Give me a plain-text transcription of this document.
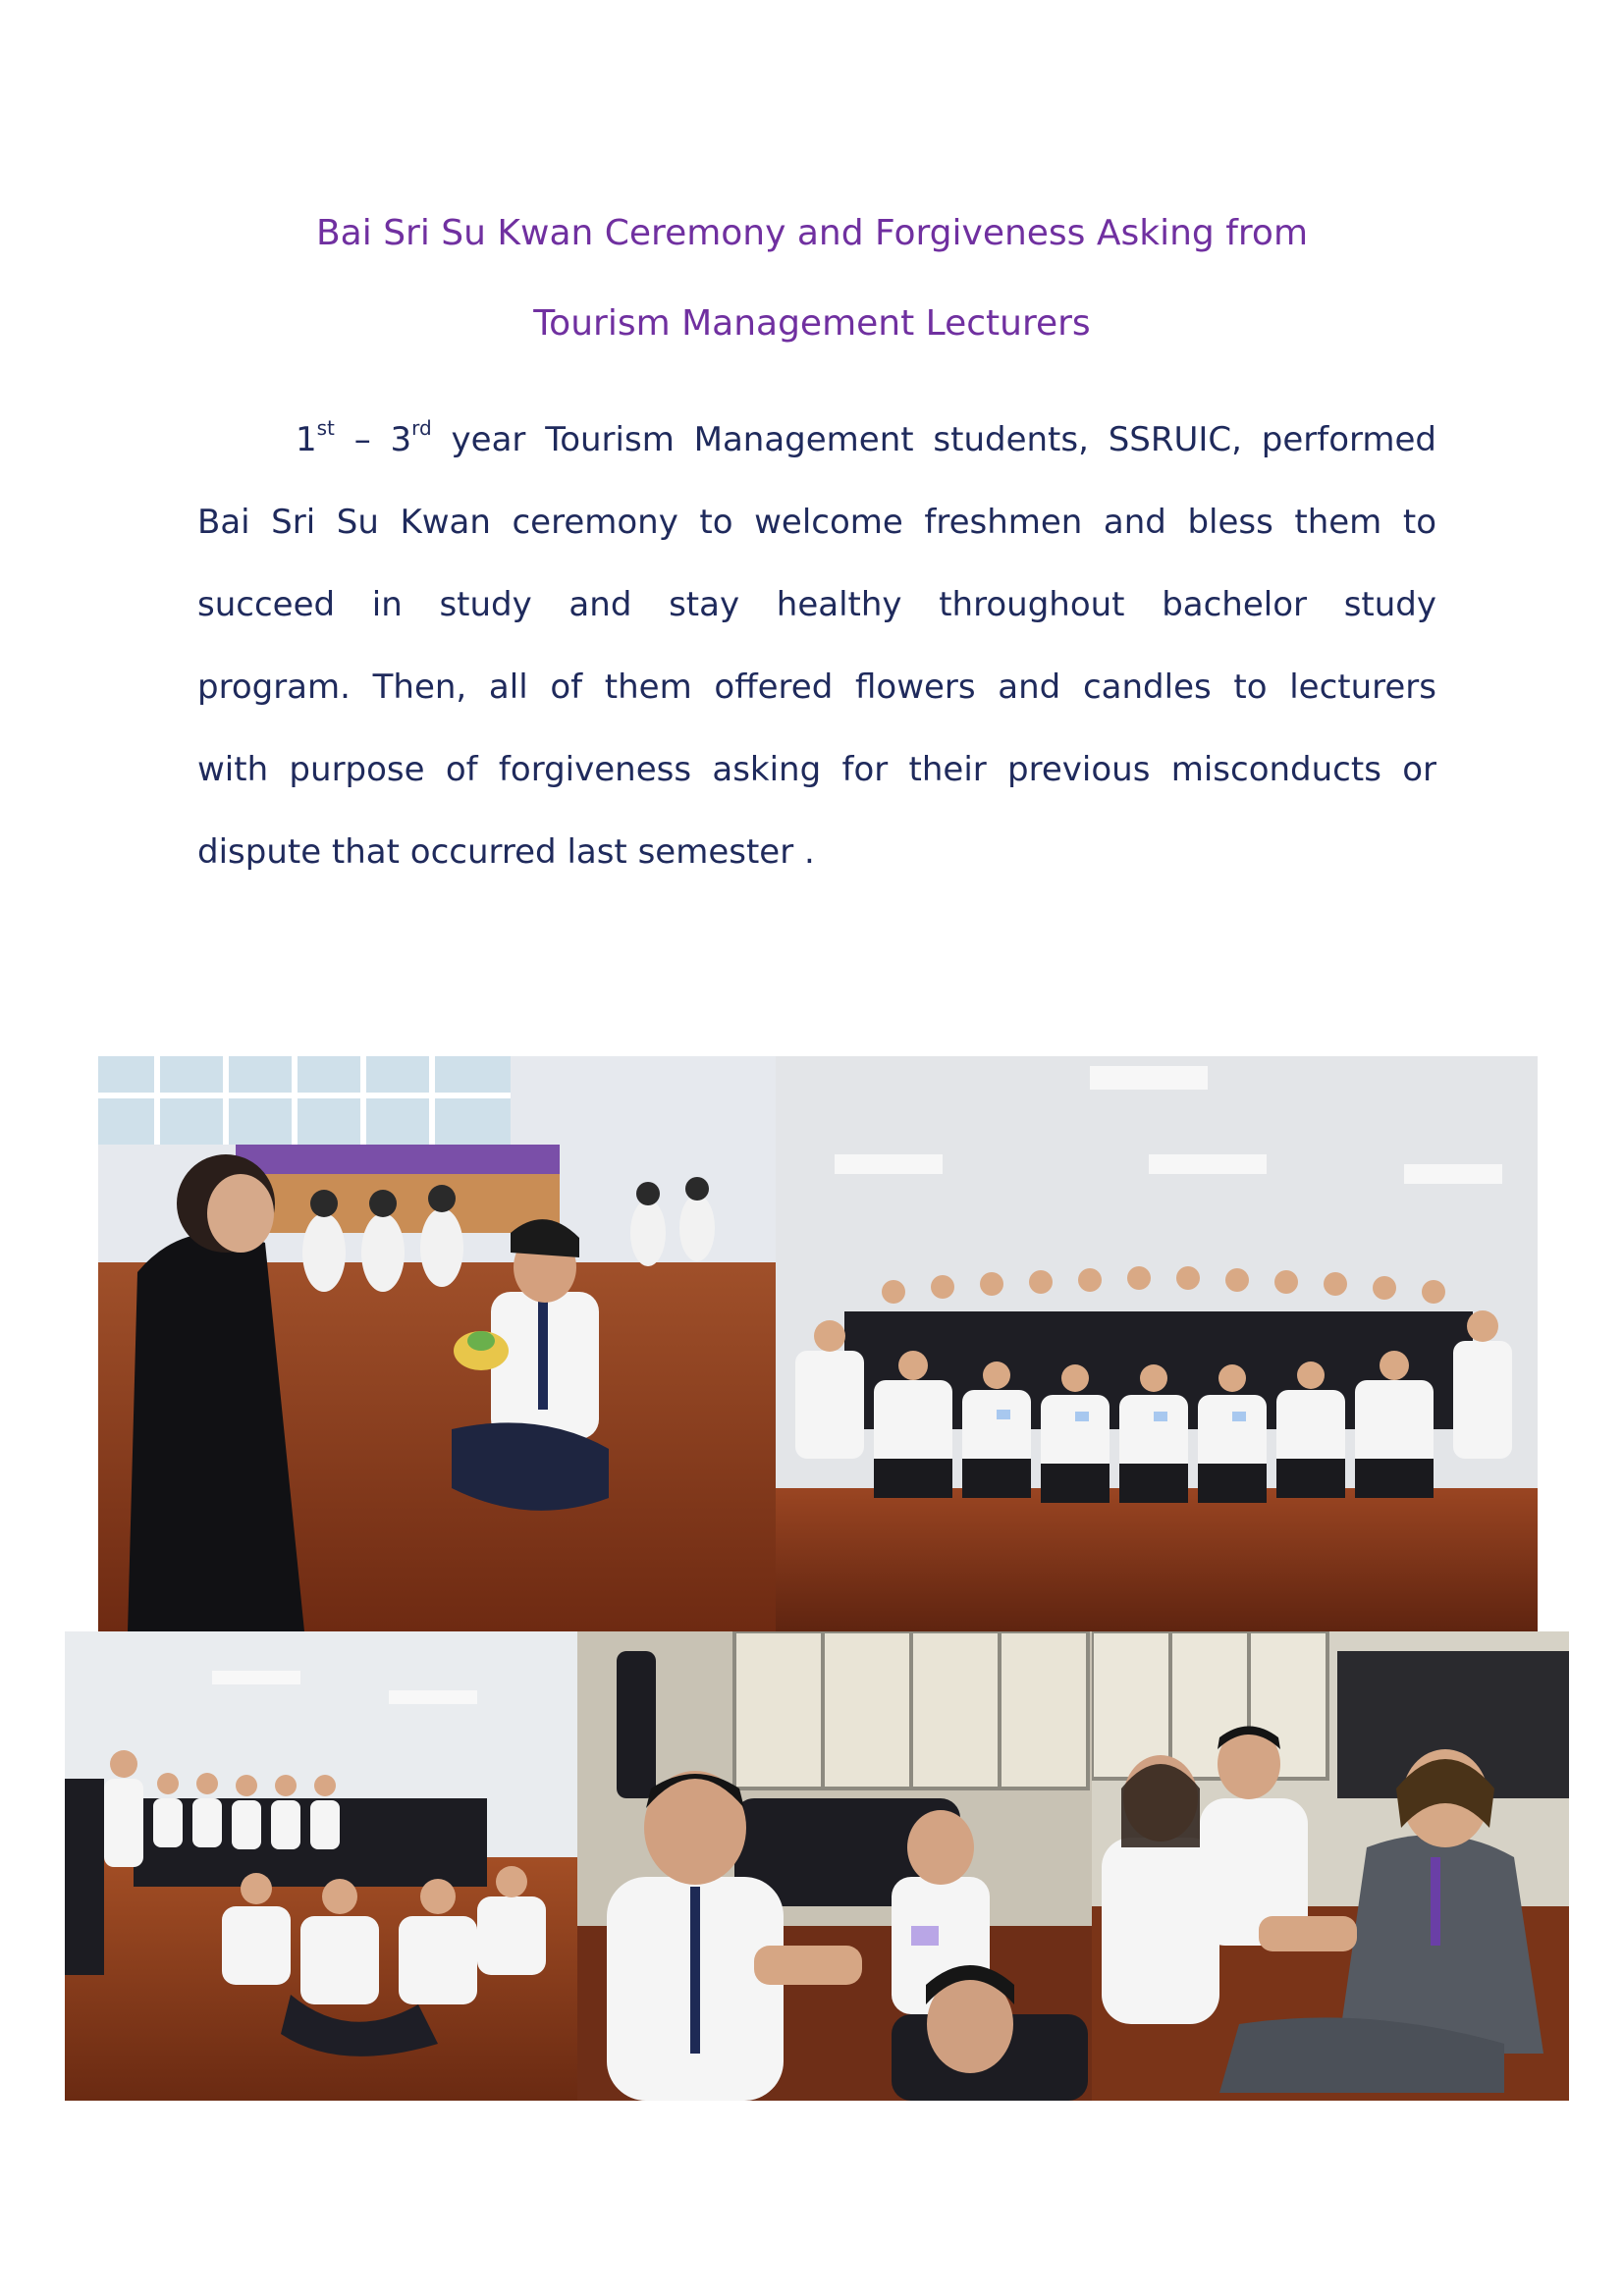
Bai Sri Su Kwan Ceremony and Forgiveness Asking from
Tourism Management Lecturers
1st – 3rd year Tourism Management students, SSRUIC, performed
Bai Sri Su Kwan ceremony to welcome freshmen and bless them to
succeed in study and stay healthy throughout bachelor study
program. Then, all of them offered flowers and candles to lecturers
with purpose of forgiveness asking for their previous misconducts or
dispute that occurred last semester .
